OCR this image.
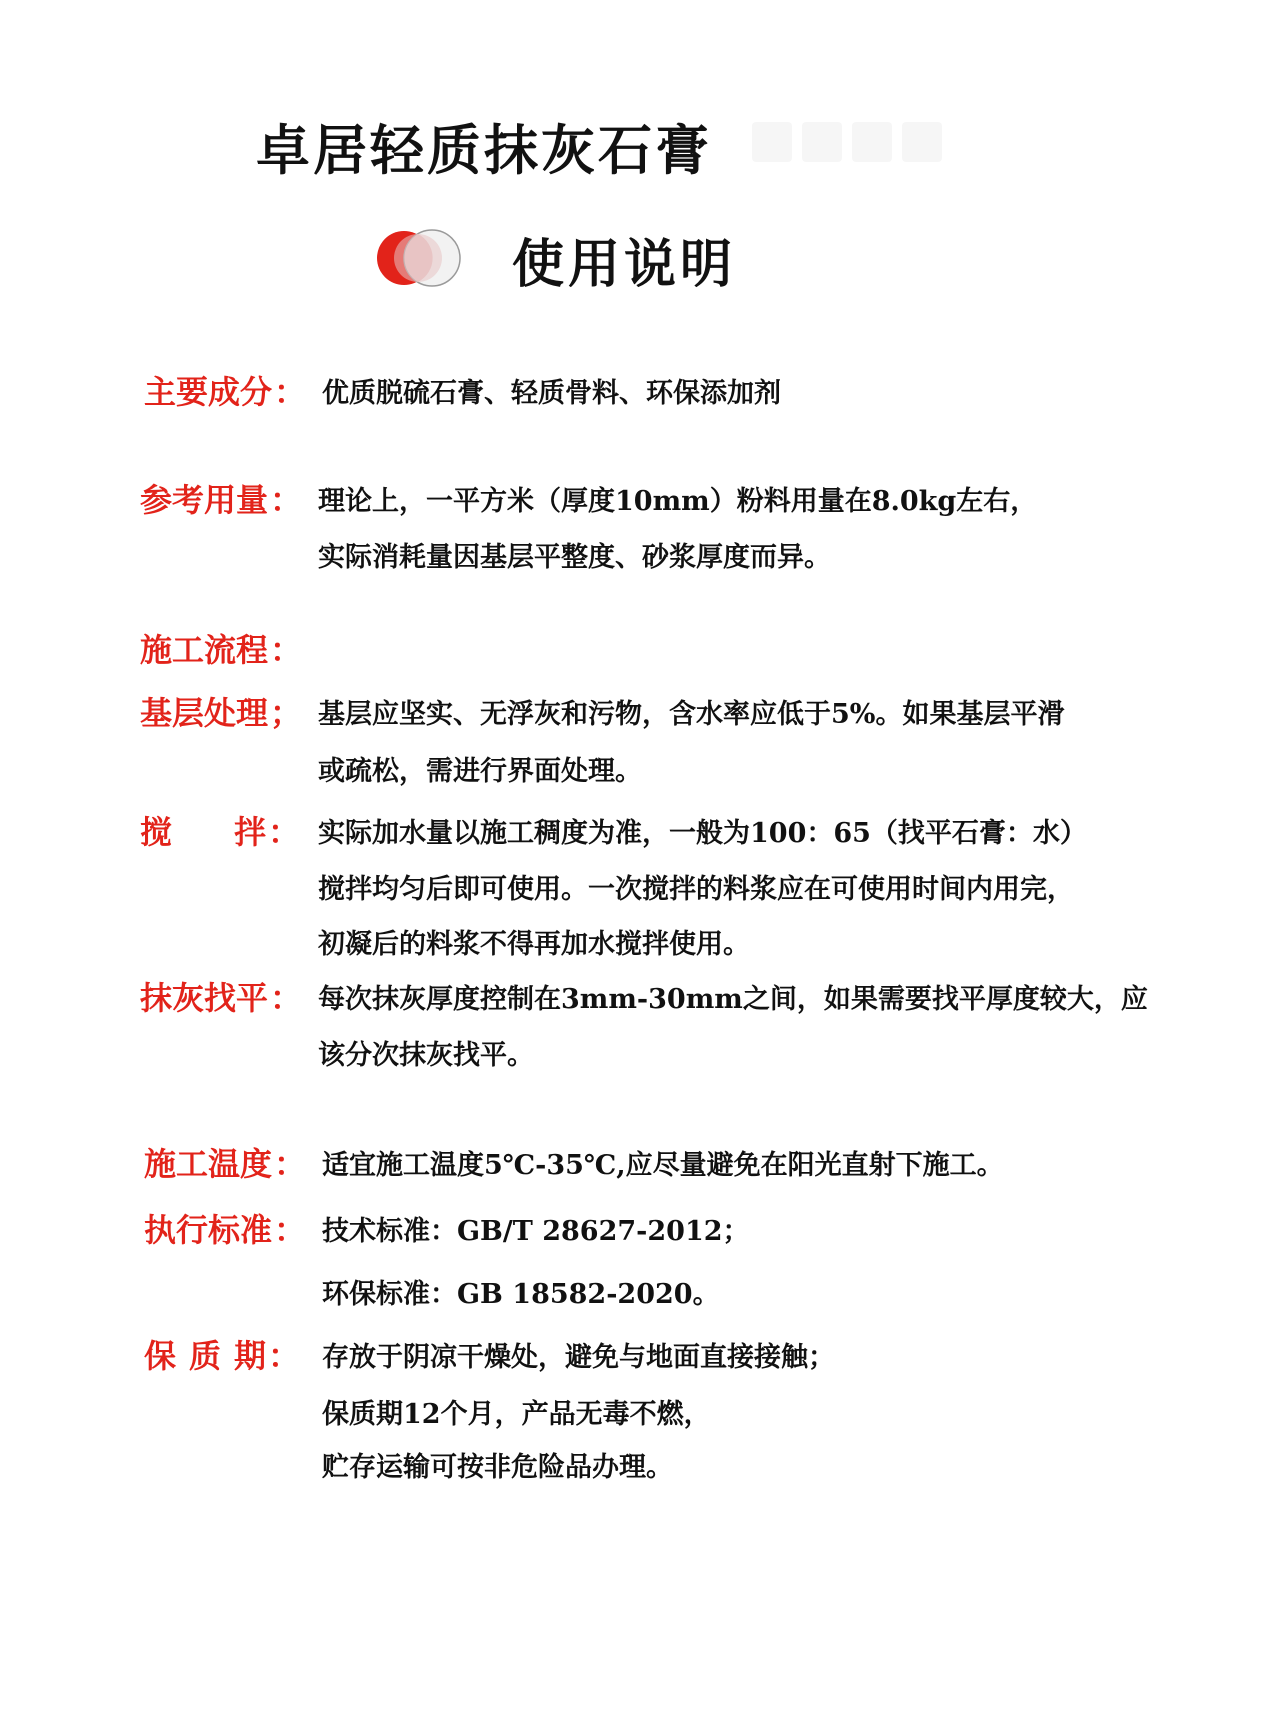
卓居轻质抹灰石膏
使用说明
主要成分： 优质脱硫石膏、轻质骨料、环保添加剂
参考用量： 理论上，一平方米（厚度10mm）粉料用量在8.0kg左右，
实际消耗量因基层平整度、砂浆厚度而异。
施工流程：
基层处理； 基层应坚实、无浮灰和污物，含水率应低于5%。如果基层平滑
或疏松，需进行界面处理。
搅 拌： 实际加水量以施工稠度为准，一般为100：65（找平石膏：水）
搅拌均匀后即可使用。一次搅拌的料浆应在可使用时间内用完，
初凝后的料浆不得再加水搅拌使用。
抹灰找平： 每次抹灰厚度控制在3mm-30mm之间，如果需要找平厚度较大，应
该分次抹灰找平。
施工温度： 适宜施工温度5℃-35℃,应尽量避免在阳光直射下施工。
执行标准： 技术标准：GB/T 28627-2012；
环保标准：GB 18582-2020。
保 质 期： 存放于阴凉干燥处，避免与地面直接接触；
保质期12个月，产品无毒不燃，
贮存运输可按非危险品办理。
